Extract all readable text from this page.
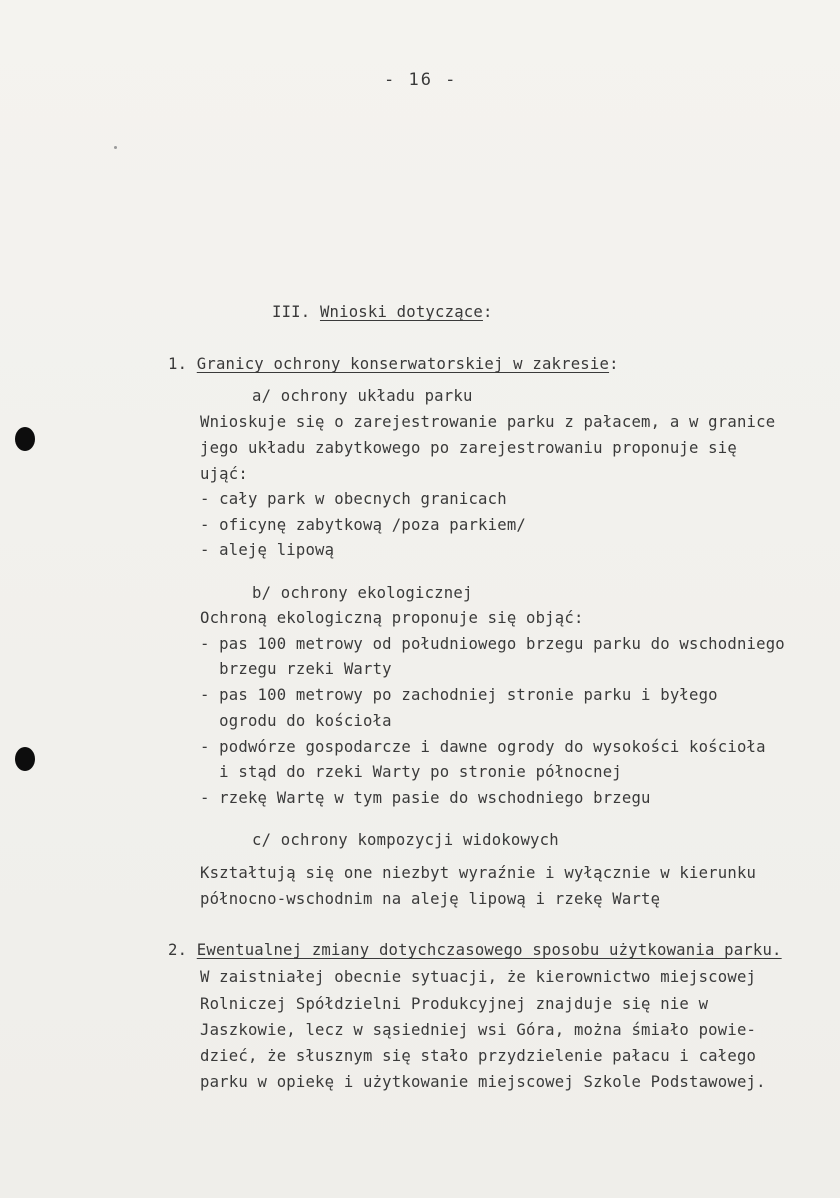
- 16 -
III. Wnioski dotyczące:
1. Granicy ochrony konserwatorskiej w zakresie:
a/ ochrony układu parku
Wnioskuje się o zarejestrowanie parku z pałacem, a w granice
jego układu zabytkowego po zarejestrowaniu proponuje się
ująć:
- cały park w obecnych granicach
- oficynę zabytkową /poza parkiem/
- aleję lipową
b/ ochrony ekologicznej
Ochroną ekologiczną proponuje się objąć:
- pas 100 metrowy od południowego brzegu parku do wschodniego
brzegu rzeki Warty
- pas 100 metrowy po zachodniej stronie parku i byłego
ogrodu do kościoła
- podwórze gospodarcze i dawne ogrody do wysokości kościoła
i stąd do rzeki Warty po stronie północnej
- rzekę Wartę w tym pasie do wschodniego brzegu
c/ ochrony kompozycji widokowych
Kształtują się one niezbyt wyraźnie i wyłącznie w kierunku
północno-wschodnim na aleję lipową i rzekę Wartę
2. Ewentualnej zmiany dotychczasowego sposobu użytkowania parku.
W zaistniałej obecnie sytuacji, że kierownictwo miejscowej
Rolniczej Spółdzielni Produkcyjnej znajduje się nie w
Jaszkowie, lecz w sąsiedniej wsi Góra, można śmiało powie-
dzieć, że słusznym się stało przydzielenie pałacu i całego
parku w opiekę i użytkowanie miejscowej Szkole Podstawowej.
